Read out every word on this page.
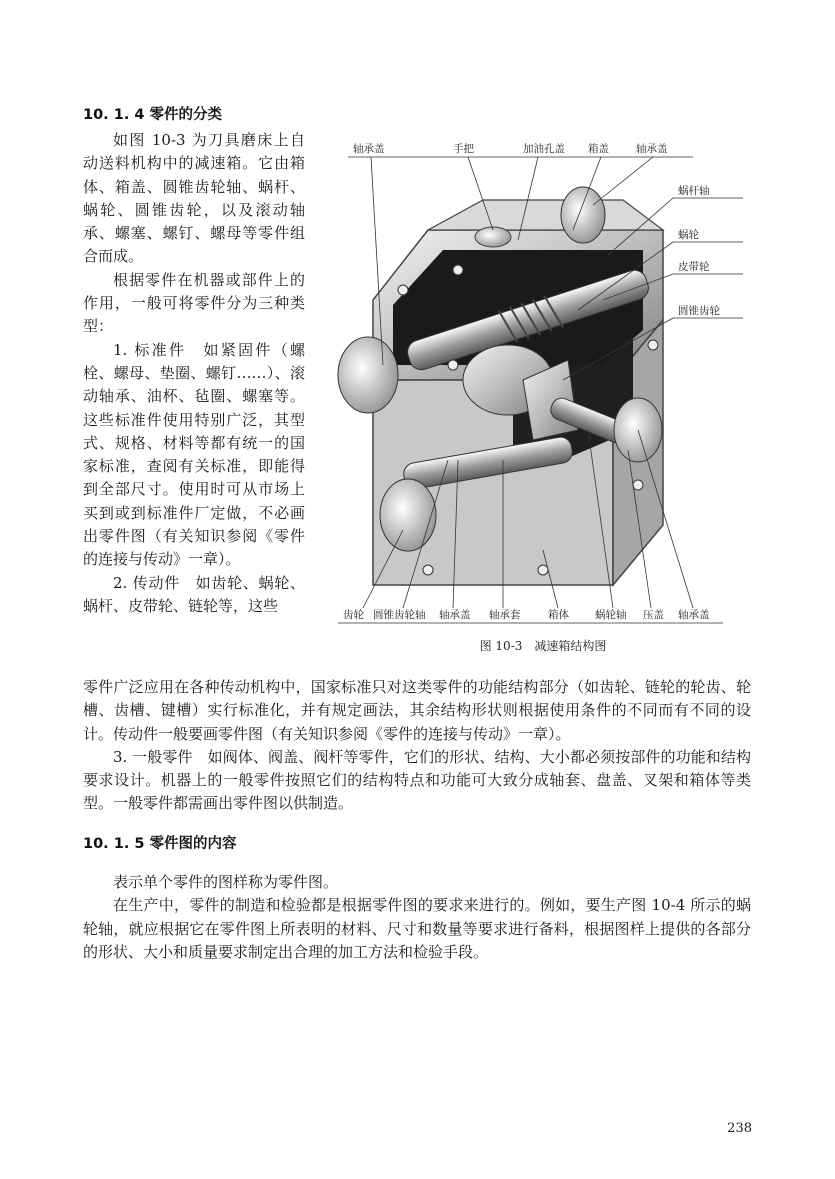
10. 1. 4 零件的分类

如图 10-3 为刀具磨床上自动送料机构中的减速箱。它由箱体、箱盖、圆锥齿轮轴、蜗杆、蜗轮、圆锥齿轮，以及滚动轴承、螺塞、螺钉、螺母等零件组合而成。

根据零件在机器或部件上的作用，一般可将零件分为三种类型：

1. 标准件　如紧固件（螺栓、螺母、垫圈、螺钉……）、滚动轴承、油杯、毡圈、螺塞等。这些标准件使用特别广泛，其型式、规格、材料等都有统一的国家标准，查阅有关标准，即能得到全部尺寸。使用时可从市场上买到或到标准件厂定做，不必画出零件图（有关知识参阅《零件的连接与传动》一章）。

2. 传动件　如齿轮、蜗轮、蜗杆、皮带轮、链轮等，这些

轴承盖	手把	加油孔盖 箱盖	轴承盖
蜗杆轴
蜗轮
皮带轮
圆锥齿轮
齿轮 圆锥齿轮轴 轴承盖 轴承套	箱体 蜗轮轴 压盖 轴承盖
图 10-3　减速箱结构图

零件广泛应用在各种传动机构中，国家标准只对这类零件的功能结构部分（如齿轮、链轮的轮齿、轮槽、齿槽、键槽）实行标准化，并有规定画法，其余结构形状则根据使用条件的不同而有不同的设计。传动件一般要画零件图（有关知识参阅《零件的连接与传动》一章）。

3. 一般零件　如阀体、阀盖、阀杆等零件，它们的形状、结构、大小都必须按部件的功能和结构要求设计。机器上的一般零件按照它们的结构特点和功能可大致分成轴套、盘盖、叉架和箱体等类型。一般零件都需画出零件图以供制造。

10. 1. 5 零件图的内容

表示单个零件的图样称为零件图。

在生产中，零件的制造和检验都是根据零件图的要求来进行的。例如，要生产图 10-4 所示的蜗轮轴，就应根据它在零件图上所表明的材料、尺寸和数量等要求进行备料，根据图样上提供的各部分的形状、大小和质量要求制定出合理的加工方法和检验手段。

238
